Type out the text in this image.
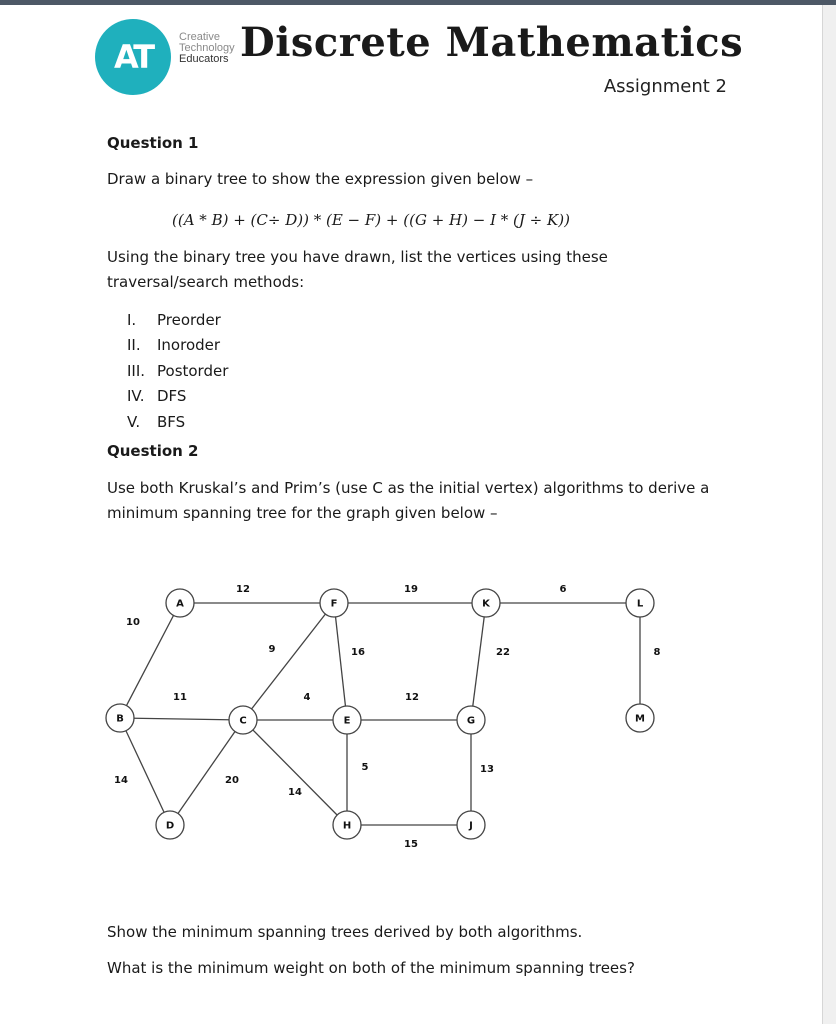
AT
Creative
Technology
Educators Discrete Mathematics
Assignment 2
Question 1
Draw a binary tree to show the expression given below –
((A * B) + (C÷ D)) * (E − F) + ((G + H) − I * (J ÷ K))
Using the binary tree you have drawn, list the vertices using these traversal/search methods:
I.	Preorder
II.	Inoroder
III. Postorder
IV. DFS
V.	BFS
Question 2
Use both Kruskal’s and Prim’s (use C as the initial vertex) algorithms to derive a minimum spanning tree for the graph given below –
12
10
19	6
9	16	22	8
11	4	12
14	20
14
5	13
15
A
B	C
D
E
F
G
H	J
K	L
M
Show the minimum spanning trees derived by both algorithms.
What is the minimum weight on both of the minimum spanning trees?
